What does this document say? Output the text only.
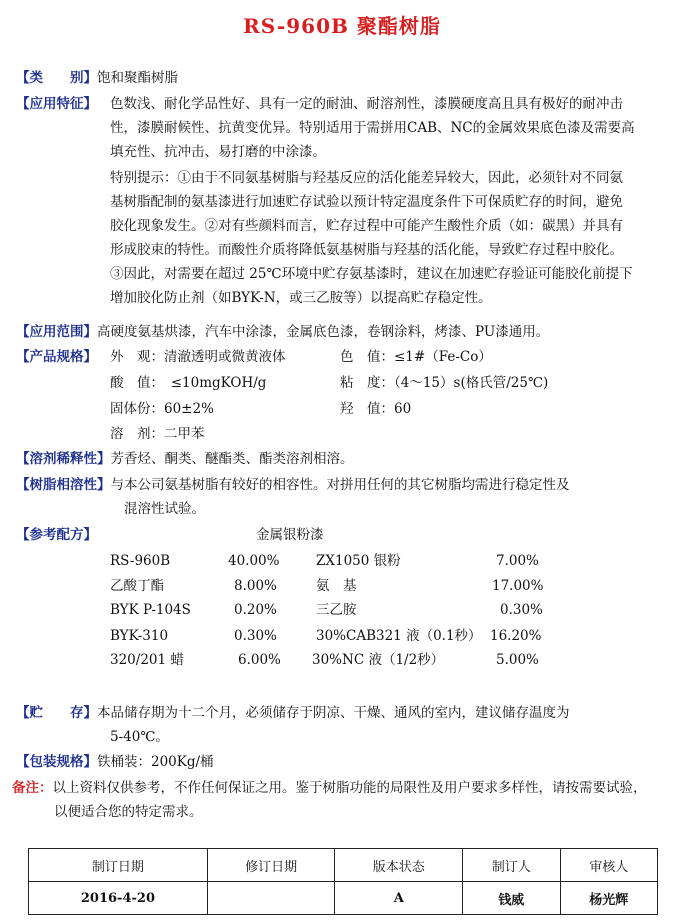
RS-960B 聚酯树脂
【类　　别】饱和聚酯树脂
【应用特征】 色数浅、耐化学品性好、具有一定的耐油、耐溶剂性，漆膜硬度高且具有极好的耐冲击
性，漆膜耐候性、抗黄变优异。特别适用于需拼用CAB、NC的金属效果底色漆及需要高
填充性、抗冲击、易打磨的中涂漆。
特别提示：①由于不同氨基树脂与羟基反应的活化能差异较大，因此，必须针对不同氨
基树脂配制的氨基漆进行加速贮存试验以预计特定温度条件下可保质贮存的时间，避免
胶化现象发生。②对有些颜料而言，贮存过程中可能产生酸性介质（如：碳黑）并具有
形成胶束的特性。而酸性介质将降低氨基树脂与羟基的活化能，导致贮存过程中胶化。
③因此，对需要在超过 25℃环境中贮存氨基漆时，建议在加速贮存验证可能胶化前提下
增加胶化防止剂（如BYK-N，或三乙胺等）以提高贮存稳定性。
【应用范围】高硬度氨基烘漆，汽车中涂漆，金属底色漆，卷钢涂料，烤漆、PU漆通用。
【产品规格】 外　观：清澈透明或微黄液体	色　值：≤1#（Fe-Co）
酸　值：　≤10mgKOH/g	粘　度：（4～15）s(格氏管/25℃)
固体份：60±2%	羟　值：60
溶　剂：二甲苯
【溶剂稀释性】芳香烃、酮类、醚酯类、酯类溶剂相溶。
【树脂相溶性】与本公司氨基树脂有较好的相容性。对拼用任何的其它树脂均需进行稳定性及
混溶性试验。
【参考配方】	金属银粉漆
RS-960B	40.00%	ZX1050 银粉	7.00%
乙酸丁酯	8.00%	氨　基	17.00%
BYK P-104S	0.20%	三乙胺	0.30%
BYK-310	0.30%	30%CAB321 液（0.1秒） 16.20%
320/201 蜡	6.00% 30%NC 液（1/2秒）	5.00%
【贮　　存】本品储存期为十二个月，必须储存于阴凉、干燥、通风的室内，建议储存温度为
5-40℃。
【包装规格】铁桶装：200Kg/桶
备注：以上资料仅供参考，不作任何保证之用。鉴于树脂功能的局限性及用户要求多样性，请按需要试验，
以便适合您的特定需求。
制订日期	修订日期	版本状态	制订人	审核人
2016-4-20		A	钱威	杨光辉
